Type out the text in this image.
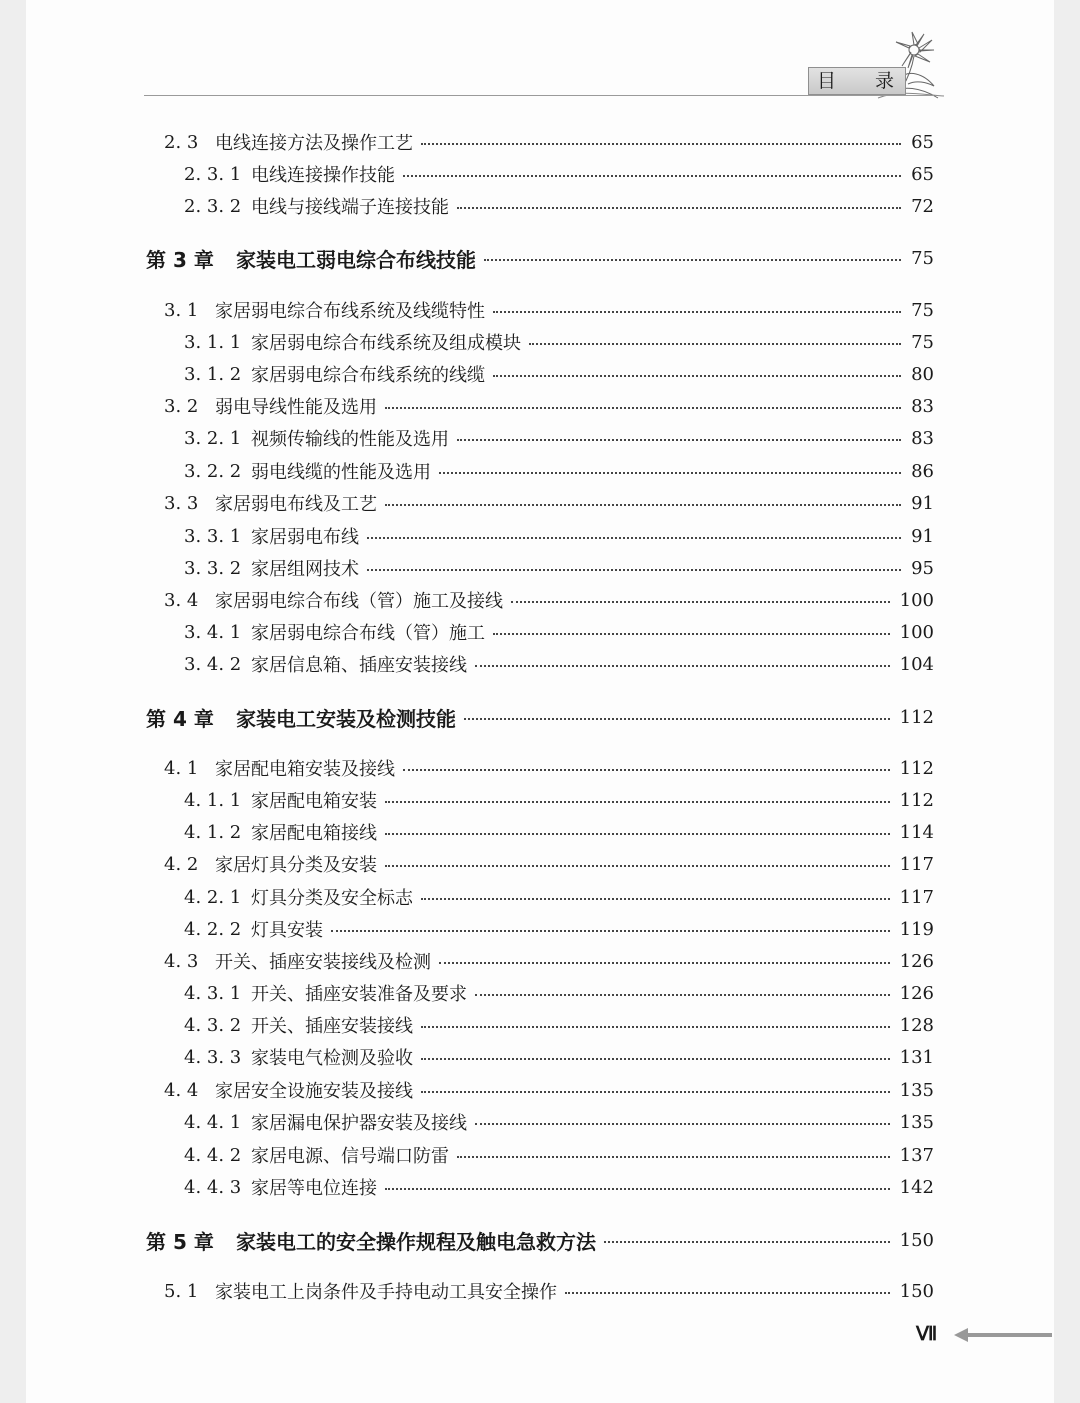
目 录
2. 3 电线连接方法及操作工艺	65
2. 3. 1 电线连接操作技能	65
2. 3. 2 电线与接线端子连接技能	72
第 3 章 家装电工弱电综合布线技能	75
3. 1 家居弱电综合布线系统及线缆特性	75
3. 1. 1 家居弱电综合布线系统及组成模块	75
3. 1. 2 家居弱电综合布线系统的线缆	80
3. 2 弱电导线性能及选用	83
3. 2. 1 视频传输线的性能及选用	83
3. 2. 2 弱电线缆的性能及选用	86
3. 3 家居弱电布线及工艺	91
3. 3. 1 家居弱电布线	91
3. 3. 2 家居组网技术	95
3. 4 家居弱电综合布线（管）施工及接线	100
3. 4. 1 家居弱电综合布线（管）施工	100
3. 4. 2 家居信息箱、插座安装接线	104
第 4 章 家装电工安装及检测技能	112
4. 1 家居配电箱安装及接线	112
4. 1. 1 家居配电箱安装	112
4. 1. 2 家居配电箱接线	114
4. 2 家居灯具分类及安装	117
4. 2. 1 灯具分类及安全标志	117
4. 2. 2 灯具安装	119
4. 3 开关、插座安装接线及检测	126
4. 3. 1 开关、插座安装准备及要求	126
4. 3. 2 开关、插座安装接线	128
4. 3. 3 家装电气检测及验收	131
4. 4 家居安全设施安装及接线	135
4. 4. 1 家居漏电保护器安装及接线	135
4. 4. 2 家居电源、信号端口防雷	137
4. 4. 3 家居等电位连接	142
第 5 章 家装电工的安全操作规程及触电急救方法	150
5. 1 家装电工上岗条件及手持电动工具安全操作	150
Ⅶ
